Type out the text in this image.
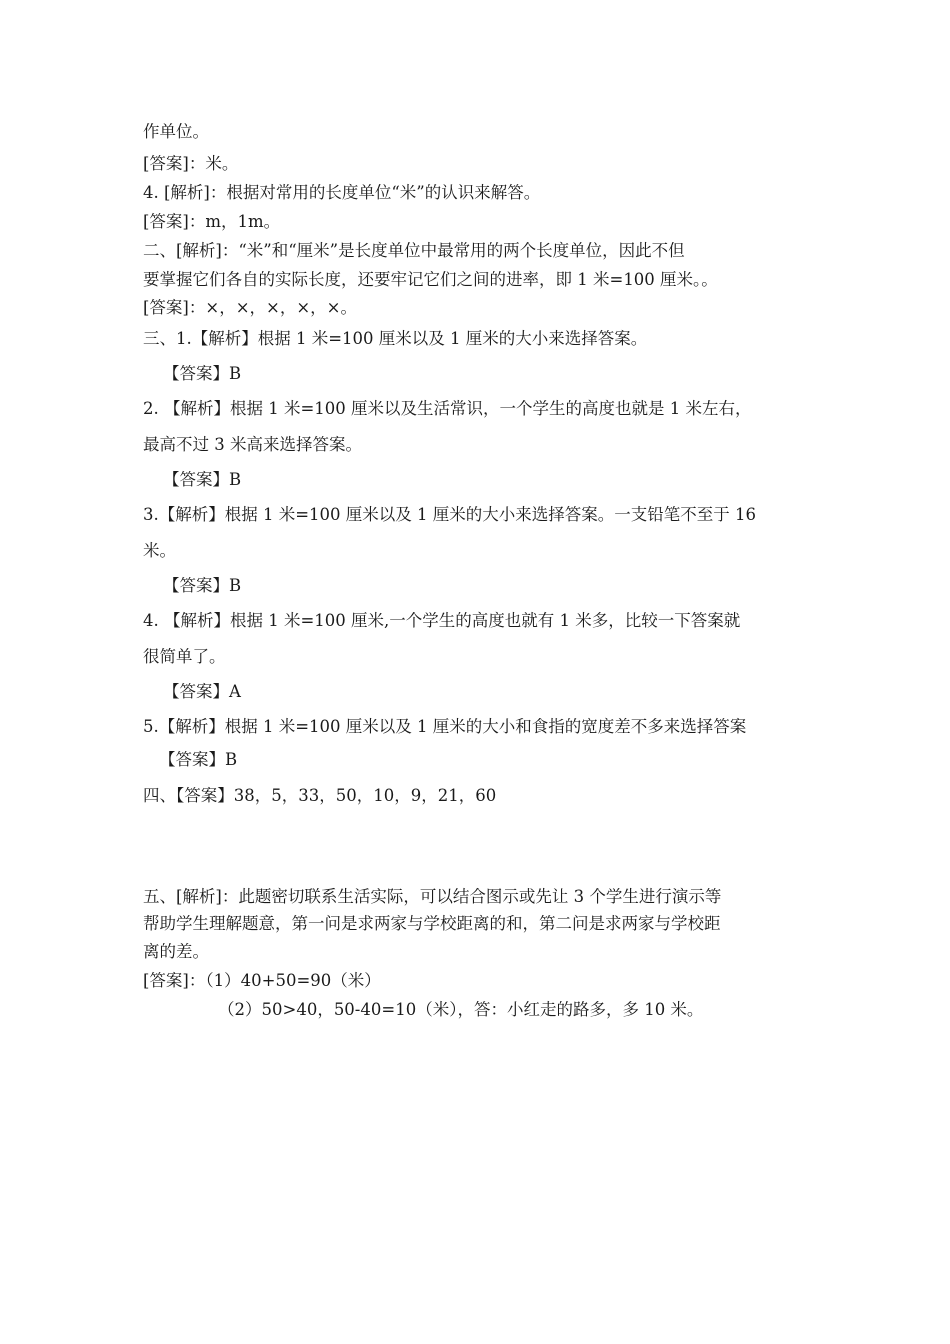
作单位。
[答案]：米。
4. [解析]：根据对常用的长度单位“米”的认识来解答。
[答案]：m，1m。
二、[解析]：“米”和“厘米”是长度单位中最常用的两个长度单位，因此不但
要掌握它们各自的实际长度，还要牢记它们之间的进率，即 1 米=100 厘米。。
[答案]：×，×，×，×，×。
三、1.【解析】根据 1 米=100 厘米以及 1 厘米的大小来选择答案。
【答案】B
2. 【解析】根据 1 米=100 厘米以及生活常识，一个学生的高度也就是 1 米左右，
最高不过 3 米高来选择答案。
【答案】B
3.【解析】根据 1 米=100 厘米以及 1 厘米的大小来选择答案。一支铅笔不至于 16
米。
【答案】B
4. 【解析】根据 1 米=100 厘米,一个学生的高度也就有 1 米多，比较一下答案就
很简单了。
【答案】A
5.【解析】根据 1 米=100 厘米以及 1 厘米的大小和食指的宽度差不多来选择答案
【答案】B
四、【答案】38，5，33，50，10，9，21，60
五、[解析]：此题密切联系生活实际，可以结合图示或先让 3 个学生进行演示等
帮助学生理解题意，第一问是求两家与学校距离的和，第二问是求两家与学校距
离的差。
[答案]：（1）40+50=90（米）
（2）50>40，50-40=10（米），答：小红走的路多，多 10 米。
